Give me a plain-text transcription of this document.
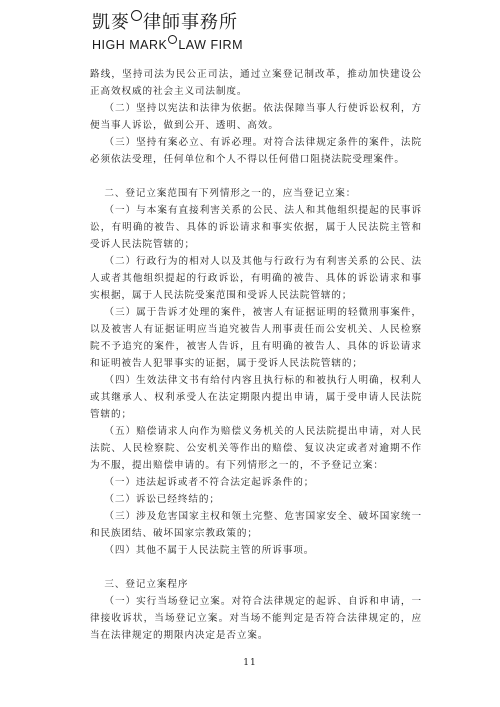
凱麥 律師事務所
HIGH MARK LAW FIRM

路线，坚持司法为民公正司法，通过立案登记制改革，推动加快建设公正高效权威的社会主义司法制度。

（二）坚持以宪法和法律为依据。依法保障当事人行使诉讼权利，方便当事人诉讼，做到公开、透明、高效。

（三）坚持有案必立、有诉必理。对符合法律规定条件的案件，法院必须依法受理，任何单位和个人不得以任何借口阻挠法院受理案件。

二、登记立案范围有下列情形之一的，应当登记立案：

（一）与本案有直接利害关系的公民、法人和其他组织提起的民事诉讼，有明确的被告、具体的诉讼请求和事实依据，属于人民法院主管和受诉人民法院管辖的；

（二）行政行为的相对人以及其他与行政行为有利害关系的公民、法人或者其他组织提起的行政诉讼，有明确的被告、具体的诉讼请求和事实根据，属于人民法院受案范围和受诉人民法院管辖的；

（三）属于告诉才处理的案件，被害人有证据证明的轻微刑事案件，以及被害人有证据证明应当追究被告人刑事责任而公安机关、人民检察院不予追究的案件，被害人告诉，且有明确的被告人、具体的诉讼请求和证明被告人犯罪事实的证据，属于受诉人民法院管辖的；

（四）生效法律文书有给付内容且执行标的和被执行人明确，权利人或其继承人、权利承受人在法定期限内提出申请，属于受申请人民法院管辖的；

（五）赔偿请求人向作为赔偿义务机关的人民法院提出申请，对人民法院、人民检察院、公安机关等作出的赔偿、复议决定或者对逾期不作为不服，提出赔偿申请的。有下列情形之一的，不予登记立案：

（一）违法起诉或者不符合法定起诉条件的；

（二）诉讼已经终结的；

（三）涉及危害国家主权和领土完整、危害国家安全、破坏国家统一和民族团结、破坏国家宗教政策的；

（四）其他不属于人民法院主管的所诉事项。

三、登记立案程序

（一）实行当场登记立案。对符合法律规定的起诉、自诉和申请，一律接收诉状，当场登记立案。对当场不能判定是否符合法律规定的，应当在法律规定的期限内决定是否立案。

11
